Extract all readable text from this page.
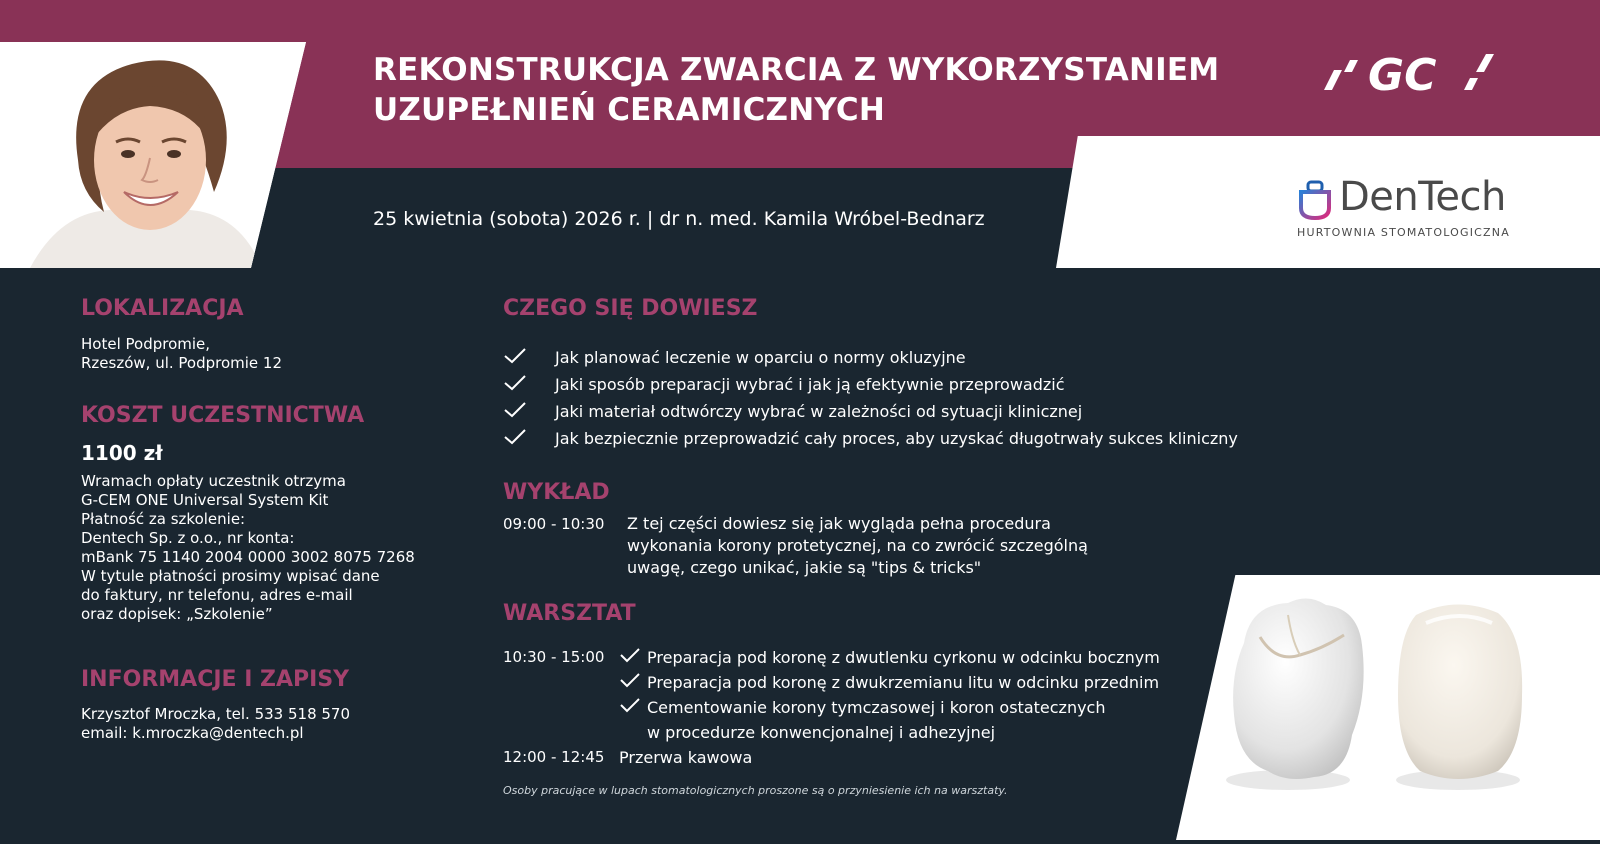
REKONSTRUKCJA ZWARCIA Z WYKORZYSTANIEM
UZUPEŁNIEŃ CERAMICZNYCH
25 kwietnia (sobota) 2026 r. | dr n. med. Kamila Wróbel-Bednarz
GC
DenTech
HURTOWNIA STOMATOLOGICZNA
LOKALIZACJA
Hotel Podpromie,
Rzeszów, ul. Podpromie 12
KOSZT UCZESTNICTWA
1100 zł
Wramach opłaty uczestnik otrzyma
G-CEM ONE Universal System Kit
Płatność za szkolenie:
Dentech Sp. z o.o., nr konta:
mBank 75 1140 2004 0000 3002 8075 7268
W tytule płatności prosimy wpisać dane
do faktury, nr telefonu, adres e-mail
oraz dopisek: „Szkolenie”
INFORMACJE I ZAPISY
Krzysztof Mroczka, tel. 533 518 570
email: k.mroczka@dentech.pl
CZEGO SIĘ DOWIESZ
Jak planować leczenie w oparciu o normy okluzyjne
Jaki sposób preparacji wybrać i jak ją efektywnie przeprowadzić
Jaki materiał odtwórczy wybrać w zależności od sytuacji klinicznej
Jak bezpiecznie przeprowadzić cały proces, aby uzyskać długotrwały sukces kliniczny
WYKŁAD
09:00 - 10:30	Z tej części dowiesz się jak wygląda pełna procedura
wykonania korony protetycznej, na co zwrócić szczególną
uwagę, czego unikać, jakie są "tips & tricks"
WARSZTAT
10:30 - 15:00	Preparacja pod koronę z dwutlenku cyrkonu w odcinku bocznym
Preparacja pod koronę z dwukrzemianu litu w odcinku przednim
Cementowanie korony tymczasowej i koron ostatecznych
w procedurze konwencjonalnej i adhezyjnej
12:00 - 12:45 Przerwa kawowa
Osoby pracujące w lupach stomatologicznych proszone są o przyniesienie ich na warsztaty.
